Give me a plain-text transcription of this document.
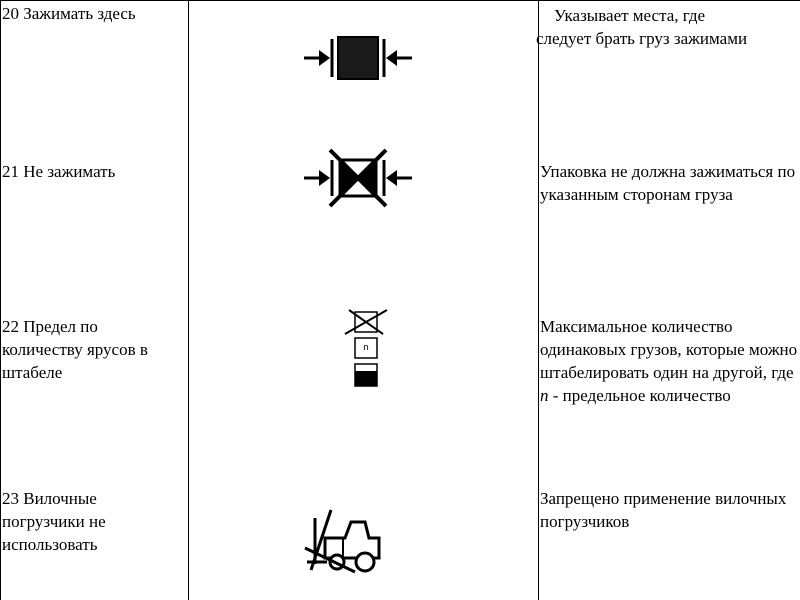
20 Зажимать здесь	Указывает места, где
следует брать груз зажимами
21 Не зажимать	Упаковка не должна зажиматься по указанным сторонам груза
22 Предел по количеству ярусов в штабеле
n
Максимальное количество одинаковых грузов, которые можно штабелировать один на другой, где n - предельное количество
23 Вилочные погрузчики не использовать
Запрещено применение вилочных погрузчиков
